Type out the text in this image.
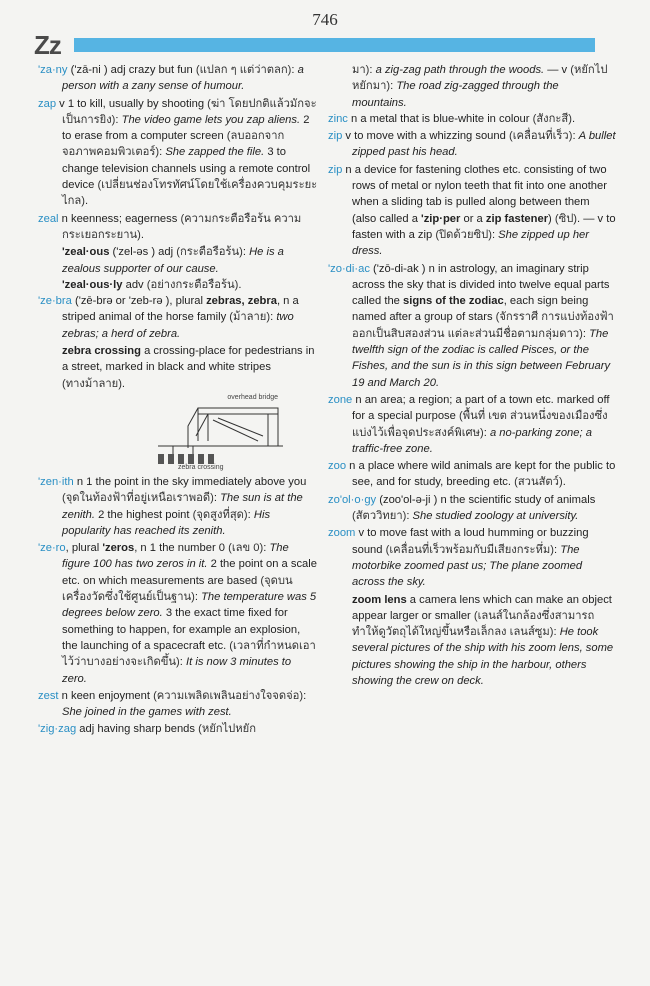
746
Zz

'za·ny ('zā-ni ) adj crazy but fun (แปลก ๆ แต่ว่าตลก): a person with a zany sense of humour.

zap v 1 to kill, usually by shooting (ฆ่า โดยปกติแล้วมักจะเป็นการยิง): The video game lets you zap aliens. 2 to erase from a computer screen (ลบออกจากจอภาพคอมพิวเตอร์): She zapped the file. 3 to change television channels using a remote control device (เปลี่ยนช่องโทรทัศน์โดยใช้เครื่องควบคุมระยะไกล).

zeal n keenness; eagerness (ความกระตือรือร้น ความกระเยอกระยาน).

'zeal·ous ('zel-əs ) adj (กระตือรือร้น): He is a zealous supporter of our cause.

'zeal·ous·ly adv (อย่างกระตือรือร้น).

'ze·bra ('zē-brə or 'zeb-rə ), plural zebras, zebra, n a striped animal of the horse family (ม้าลาย): two zebras; a herd of zebra.

zebra crossing a crossing-place for pedestrians in a street, marked in black and white stripes (ทางม้าลาย).

overhead bridge
zebra crossing

'zen·ith n 1 the point in the sky immediately above you (จุดในท้องฟ้าที่อยู่เหนือเราพอดี): The sun is at the zenith. 2 the highest point (จุดสูงที่สุด): His popularity has reached its zenith.

'ze·ro, plural 'zeros, n 1 the number 0 (เลข 0): The figure 100 has two zeros in it. 2 the point on a scale etc. on which measurements are based (จุดบนเครื่องวัดซึ่งใช้ศูนย์เป็นฐาน): The temperature was 5 degrees below zero. 3 the exact time fixed for something to happen, for example an explosion, the launching of a spacecraft etc. (เวลาที่กำหนดเอาไว้ว่าบางอย่างจะเกิดขึ้น): It is now 3 minutes to zero.

zest n keen enjoyment (ความเพลิดเพลินอย่างใจจดจ่อ): She joined in the games with zest.

'zig·zag adj having sharp bends (หยักไปหยัก

มา): a zig-zag path through the woods. — v (หยักไปหยักมา): The road zig-zagged through the mountains.

zinc n a metal that is blue-white in colour (สังกะสี).

zip v to move with a whizzing sound (เคลื่อนที่เร็ว): A bullet zipped past his head.

zip n a device for fastening clothes etc. consisting of two rows of metal or nylon teeth that fit into one another when a sliding tab is pulled along between them (also called a 'zip·per or a zip fastener) (ซิป). — v to fasten with a zip (ปิดด้วยซิป): She zipped up her dress.

'zo·di·ac ('zō-di-ak ) n in astrology, an imaginary strip across the sky that is divided into twelve equal parts called the signs of the zodiac, each sign being named after a group of stars (จักรราศี การแบ่งท้องฟ้าออกเป็นสิบสองส่วน แต่ละส่วนมีชื่อตามกลุ่มดาว): The twelfth sign of the zodiac is called Pisces, or the Fishes, and the sun is in this sign between February 19 and March 20.

zone n an area; a region; a part of a town etc. marked off for a special purpose (พื้นที่ เขต ส่วนหนึ่งของเมืองซึ่งแบ่งไว้เพื่อจุดประสงค์พิเศษ): a no-parking zone; a traffic-free zone.

zoo n a place where wild animals are kept for the public to see, and for study, breeding etc. (สวนสัตว์).

zo'ol·o·gy (zoo'ol-ə-ji ) n the scientific study of animals (สัตววิทยา): She studied zoology at university.

zoom v to move fast with a loud humming or buzzing sound (เคลื่อนที่เร็วพร้อมกับมีเสียงกระหึ่ม): The motorbike zoomed past us; The plane zoomed across the sky.

zoom lens a camera lens which can make an object appear larger or smaller (เลนส์ในกล้องซึ่งสามารถทำให้ดูวัตถุได้ใหญ่ขึ้นหรือเล็กลง เลนส์ซูม): He took several pictures of the ship with his zoom lens, some pictures showing the ship in the harbour, others showing the crew on deck.
